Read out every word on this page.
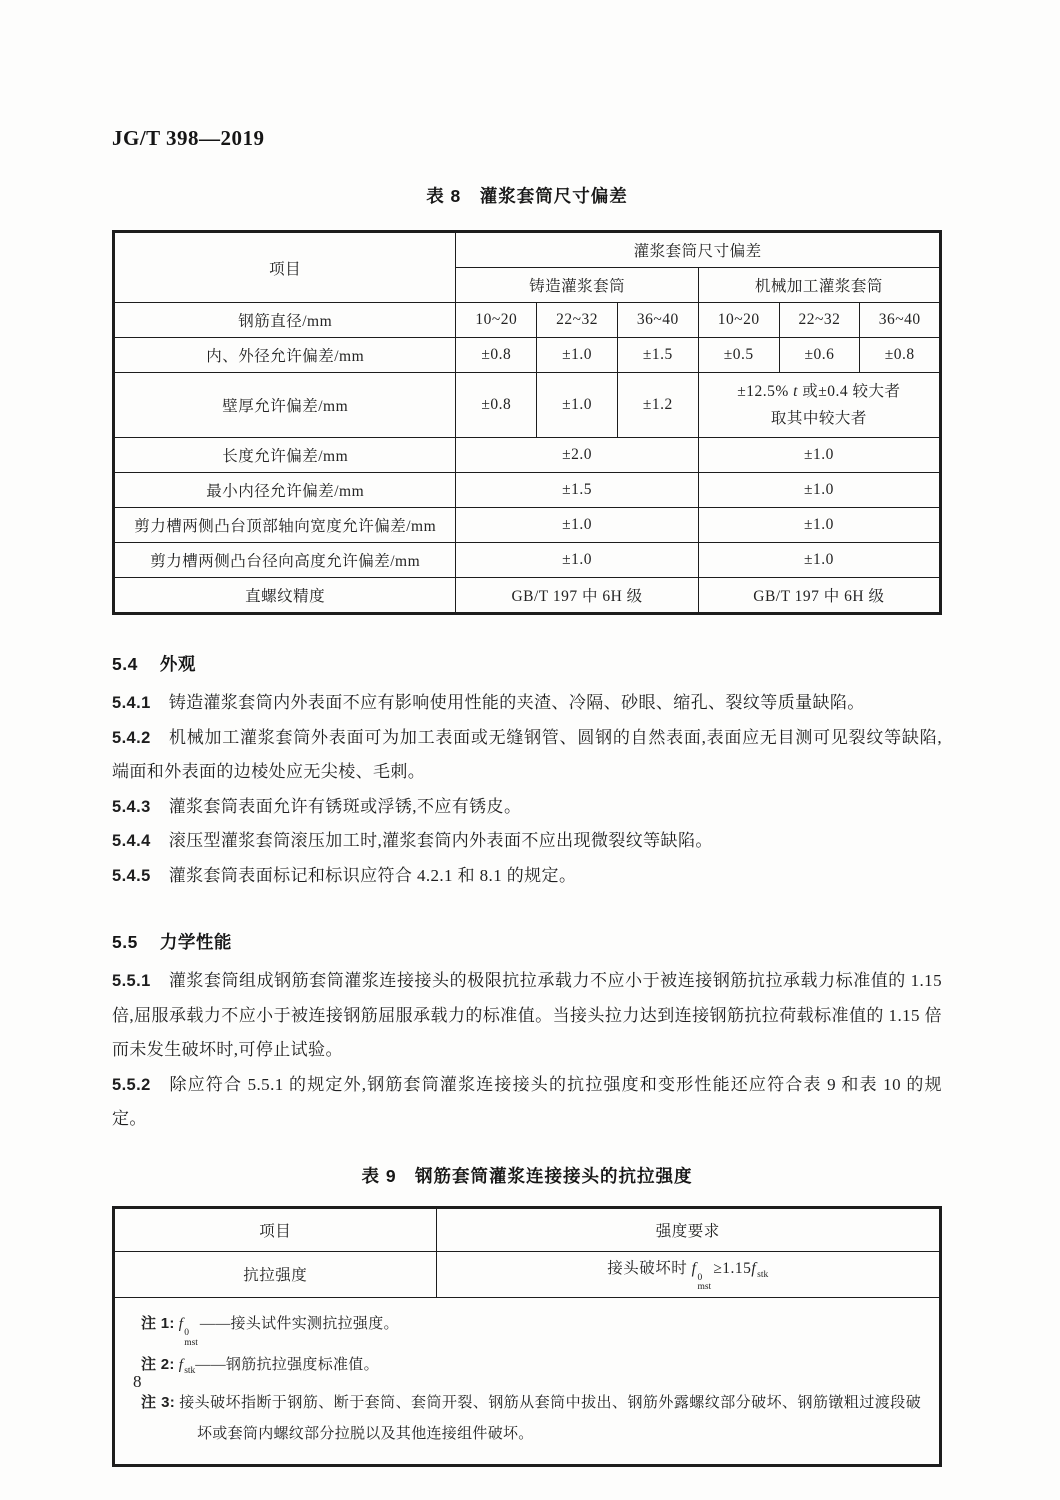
JG/T 398—2019
表 8　灌浆套筒尺寸偏差
项目	灌浆套筒尺寸偏差					
	铸造灌浆套筒			机械加工灌浆套筒		
钢筋直径/mm	10~20	22~32	36~40	10~20	22~32	36~40
内、外径允许偏差/mm	±0.8	±1.0	±1.5	±0.5	±0.6	±0.8
壁厚允许偏差/mm	±0.8	±1.0	±1.2	±12.5% t 或±0.4 较大者
取其中较大者		
长度允许偏差/mm	±2.0			±1.0		
最小内径允许偏差/mm	±1.5			±1.0		
剪力槽两侧凸台顶部轴向宽度允许偏差/mm	±1.0			±1.0		
剪力槽两侧凸台径向高度允许偏差/mm	±1.0			±1.0		
直螺纹精度	GB/T 197 中 6H 级			GB/T 197 中 6H 级		
5.4 外观

5.4.1 铸造灌浆套筒内外表面不应有影响使用性能的夹渣、冷隔、砂眼、缩孔、裂纹等质量缺陷。

5.4.2 机械加工灌浆套筒外表面可为加工表面或无缝钢管、圆钢的自然表面,表面应无目测可见裂纹等缺陷,端面和外表面的边棱处应无尖棱、毛刺。

5.4.3 灌浆套筒表面允许有锈斑或浮锈,不应有锈皮。

5.4.4 滚压型灌浆套筒滚压加工时,灌浆套筒内外表面不应出现微裂纹等缺陷。

5.4.5 灌浆套筒表面标记和标识应符合 4.2.1 和 8.1 的规定。

5.5 力学性能

5.5.1 灌浆套筒组成钢筋套筒灌浆连接接头的极限抗拉承载力不应小于被连接钢筋抗拉承载力标准值的 1.15 倍,屈服承载力不应小于被连接钢筋屈服承载力的标准值。当接头拉力达到连接钢筋抗拉荷载标准值的 1.15 倍而未发生破坏时,可停止试验。

5.5.2 除应符合 5.5.1 的规定外,钢筋套筒灌浆连接接头的抗拉强度和变形性能还应符合表 9 和表 10 的规定。

表 9　钢筋套筒灌浆连接接头的抗拉强度
项目	强度要求
抗拉强度	接头破坏时 f
0
mst
$\ge 1.15f_{stk}$

注 1: f
0
mst
——接头试件实测抗拉强度。
注 2: $f_{stk}——$钢筋抗拉强度标准值。
注 3: 接头破坏指断于钢筋、断于套筒、套筒开裂、钢筋从套筒中拔出、钢筋外露螺纹部分破坏、钢筋镦粗过渡段破坏或套筒内螺纹部分拉脱以及其他连接组件破坏。
8
